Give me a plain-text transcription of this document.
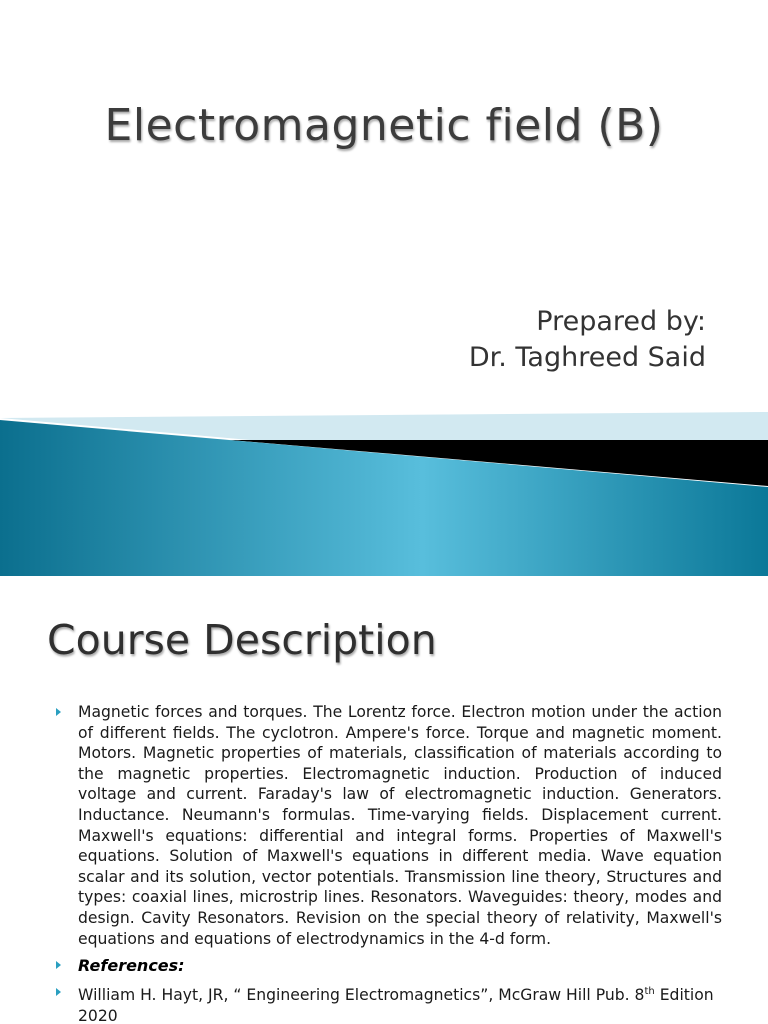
Electromagnetic field (B)
Prepared by:
Dr. Taghreed Said
Course Description
Magnetic forces and torques. The Lorentz force. Electron motion under the action of different fields. The cyclotron. Ampere's force. Torque and magnetic moment. Motors. Magnetic properties of materials, classification of materials according to the magnetic properties. Electromagnetic induction. Production of induced voltage and current. Faraday's law of electromagnetic induction. Generators. Inductance. Neumann's formulas. Time-varying fields. Displacement current. Maxwell's equations: differential and integral forms. Properties of Maxwell's equations. Solution of Maxwell's equations in different media. Wave equation scalar and its solution, vector potentials. Transmission line theory, Structures and types: coaxial lines, microstrip lines. Resonators. Waveguides: theory, modes and design. Cavity Resonators. Revision on the special theory of relativity, Maxwell's equations and equations of electrodynamics in the 4-d form.
References:
William H. Hayt, JR, “ Engineering Electromagnetics”, McGraw Hill Pub. 8th Edition 2020
